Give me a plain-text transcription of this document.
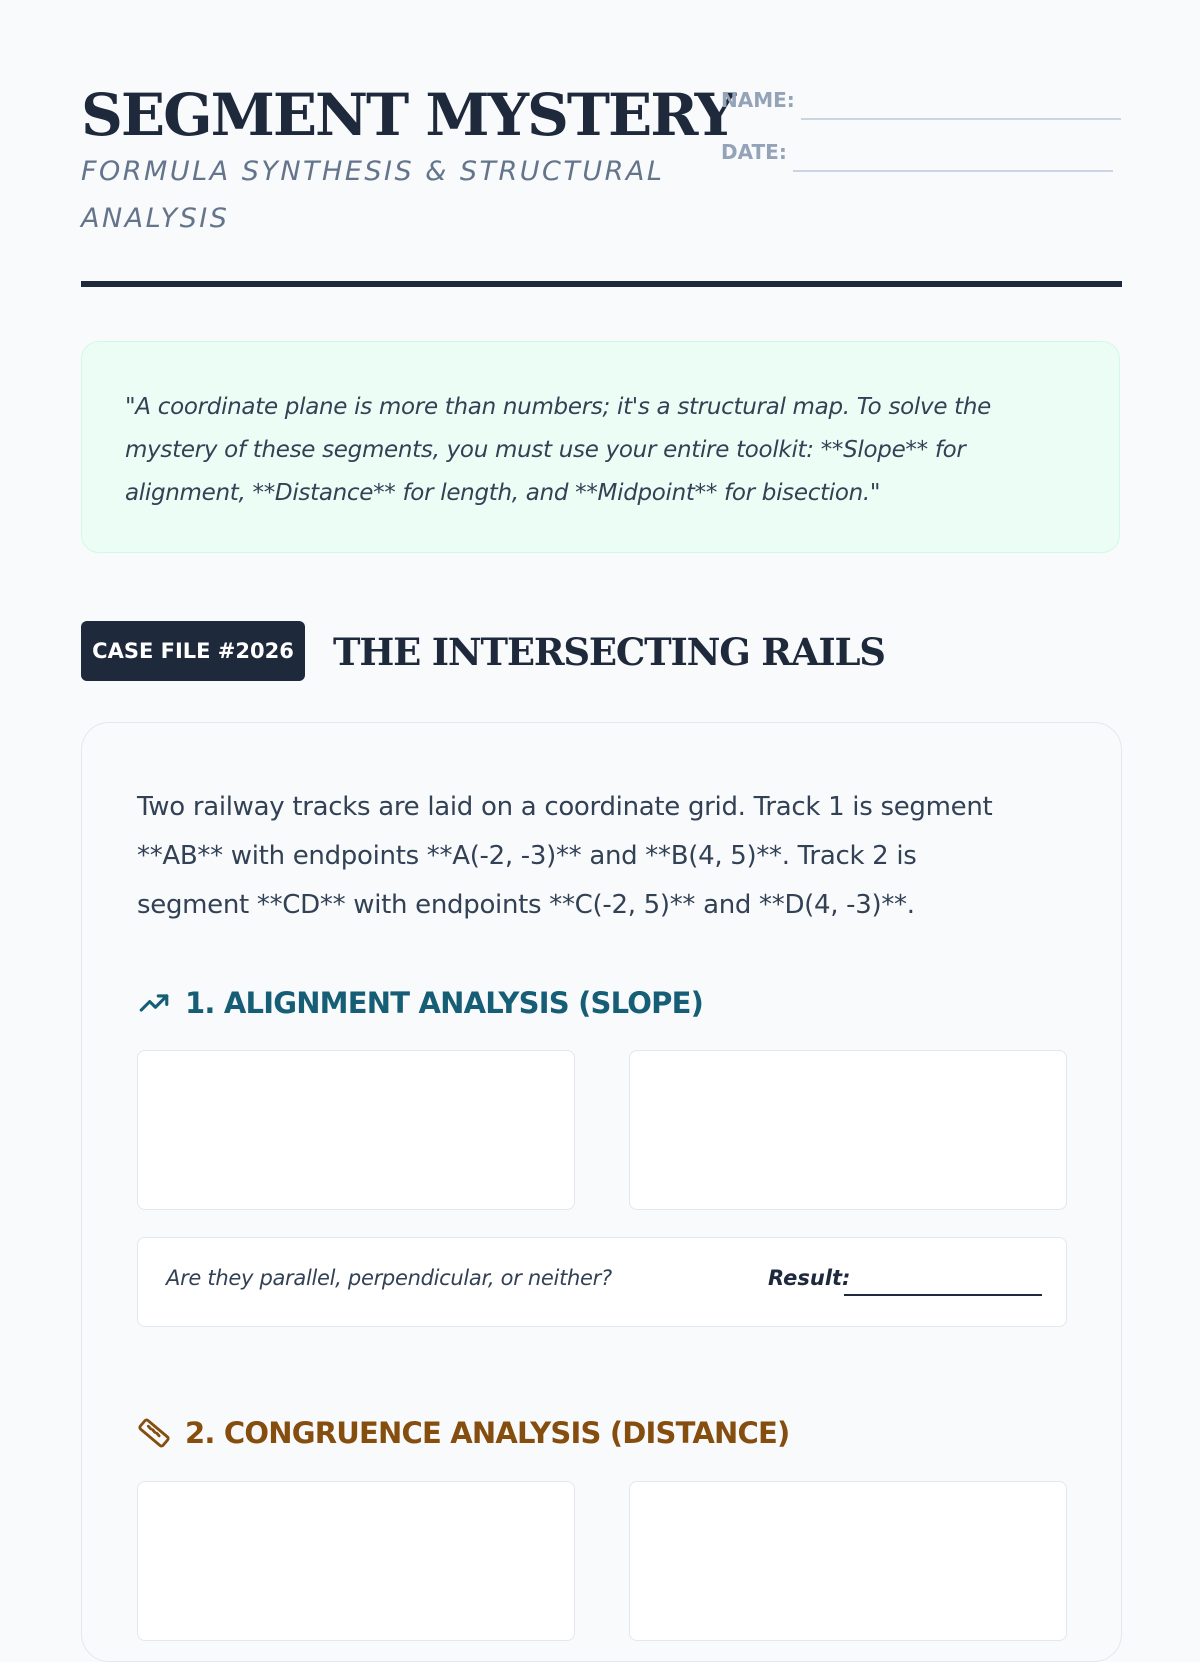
SEGMENT MYSTERY
FORMULA SYNTHESIS & STRUCTURAL ANALYSIS
NAME:
DATE:

"A coordinate plane is more than numbers; it's a structural map. To solve the mystery of these segments, you must use your entire toolkit: **Slope** for alignment, **Distance** for length, and **Midpoint** for bisection."

CASE FILE #2026	THE INTERSECTING RAILS

Two railway tracks are laid on a coordinate grid. Track 1 is segment **AB** with endpoints **A(-2, -3)** and **B(4, 5)**. Track 2 is segment **CD** with endpoints **C(-2, 5)** and **D(4, -3)**.

1. ALIGNMENT ANALYSIS (SLOPE)
Are they parallel, perpendicular, or neither?	Result:
2. CONGRUENCE ANALYSIS (DISTANCE)
